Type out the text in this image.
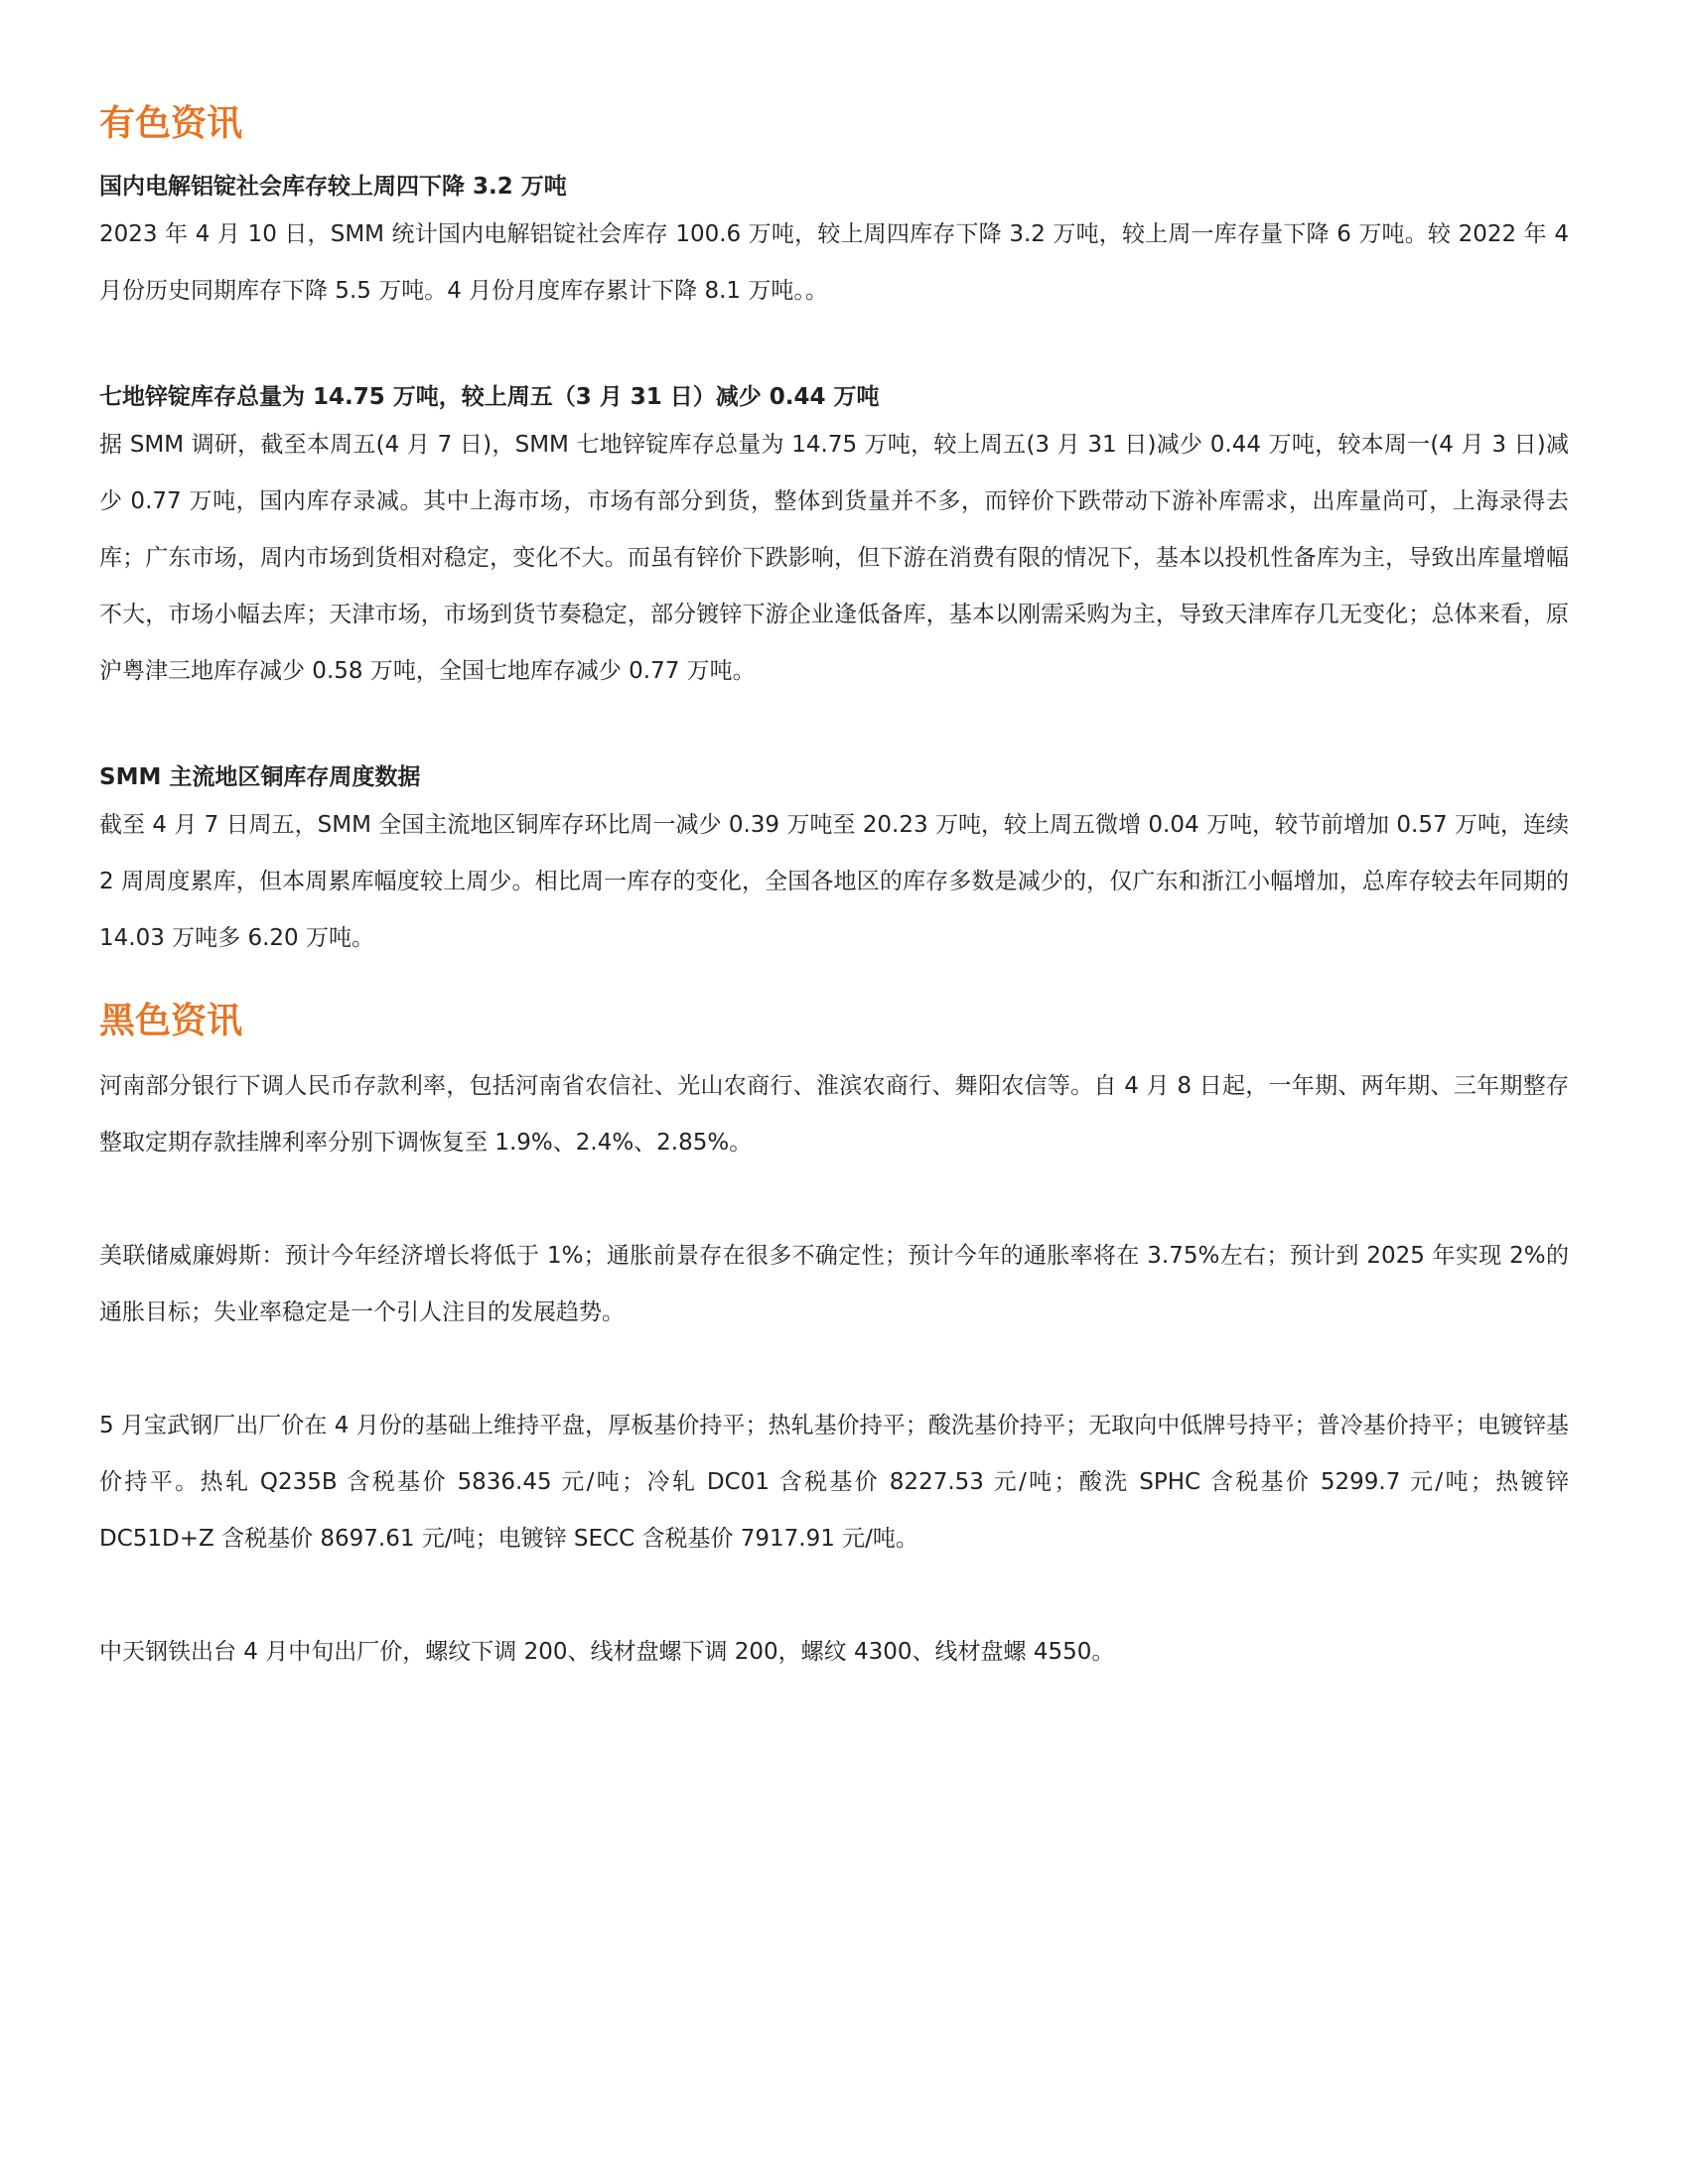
有色资讯
国内电解铝锭社会库存较上周四下降 3.2 万吨

2023 年 4 月 10 日，SMM 统计国内电解铝锭社会库存 100.6 万吨，较上周四库存下降 3.2 万吨，较上周一库存量下降 6 万吨。较 2022 年 4 月份历史同期库存下降 5.5 万吨。4 月份月度库存累计下降 8.1 万吨。。

七地锌锭库存总量为 14.75 万吨，较上周五（3 月 31 日）减少 0.44 万吨

据 SMM 调研，截至本周五(4 月 7 日)，SMM 七地锌锭库存总量为 14.75 万吨，较上周五(3 月 31 日)减少 0.44 万吨，较本周一(4 月 3 日)减少 0.77 万吨，国内库存录减。其中上海市场，市场有部分到货，整体到货量并不多，而锌价下跌带动下游补库需求，出库量尚可，上海录得去库；广东市场，周内市场到货相对稳定，变化不大。而虽有锌价下跌影响，但下游在消费有限的情况下，基本以投机性备库为主，导致出库量增幅不大，市场小幅去库；天津市场，市场到货节奏稳定，部分镀锌下游企业逢低备库，基本以刚需采购为主，导致天津库存几无变化；总体来看，原沪粤津三地库存减少 0.58 万吨，全国七地库存减少 0.77 万吨。

SMM 主流地区铜库存周度数据

截至 4 月 7 日周五，SMM 全国主流地区铜库存环比周一减少 0.39 万吨至 20.23 万吨，较上周五微增 0.04 万吨，较节前增加 0.57 万吨，连续 2 周周度累库，但本周累库幅度较上周少。相比周一库存的变化，全国各地区的库存多数是减少的，仅广东和浙江小幅增加，总库存较去年同期的 14.03 万吨多 6.20 万吨。

黑色资讯

河南部分银行下调人民币存款利率，包括河南省农信社、光山农商行、淮滨农商行、舞阳农信等。自 4 月 8 日起，一年期、两年期、三年期整存整取定期存款挂牌利率分别下调恢复至 1.9%、2.4%、2.85%。

美联储威廉姆斯：预计今年经济增长将低于 1%；通胀前景存在很多不确定性；预计今年的通胀率将在 3.75%左右；预计到 2025 年实现 2%的通胀目标；失业率稳定是一个引人注目的发展趋势。

5 月宝武钢厂出厂价在 4 月份的基础上维持平盘，厚板基价持平；热轧基价持平；酸洗基价持平；无取向中低牌号持平；普冷基价持平；电镀锌基价持平。热轧 Q235B 含税基价 5836.45 元/吨；冷轧 DC01 含税基价 8227.53 元/吨；酸洗 SPHC 含税基价 5299.7 元/吨；热镀锌 DC51D+Z 含税基价 8697.61 元/吨；电镀锌 SECC 含税基价 7917.91 元/吨。

中天钢铁出台 4 月中旬出厂价，螺纹下调 200、线材盘螺下调 200，螺纹 4300、线材盘螺 4550。
